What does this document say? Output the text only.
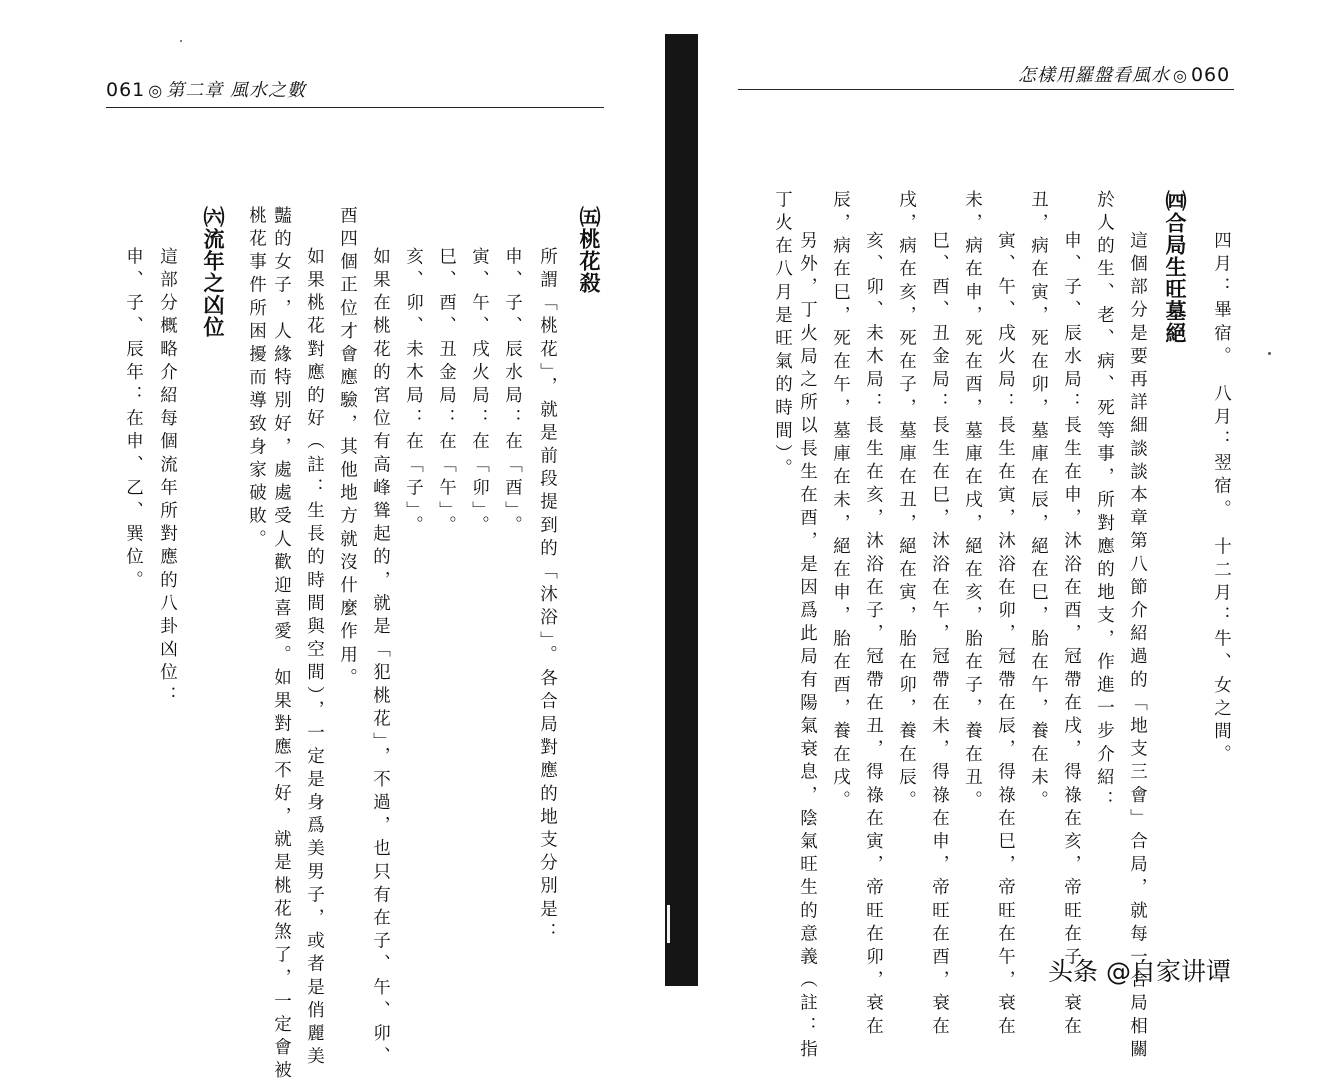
061 ◎ 第二章 風水之數
㈤桃花殺
所謂「桃花」，就是前段提到的「沐浴」。各合局對應的地支分別是：
申、子、辰水局：在「酉」。
寅、午、戌火局：在「卯」。
巳、酉、丑金局：在「午」。
亥、卯、未木局：在「子」。
如果在桃花的宮位有高峰聳起的，就是「犯桃花」，不過，也只有在子、午、卯、
酉四個正位才會應驗，其他地方就沒什麼作用。
如果桃花對應的好（註：生長的時間與空間），一定是身爲美男子，或者是俏麗美
豔的女子，人緣特別好，處處受人歡迎喜愛。如果對應不好，就是桃花煞了，一定會被
桃花事件所困擾而導致身家破敗。
㈥流年之凶位
這部分概略介紹每個流年所對應的八卦凶位：
申、子、辰年：在申、乙、巽位。
怎樣用羅盤看風水 ◎ 060
四月：畢宿。　八月：翌宿。　十二月：牛、女之間。
㈣合局生旺墓絕
這個部分是要再詳細談談本章第八節介紹過的「地支三會」合局，就每一合局相關
於人的生、老、病、死等事，所對應的地支，作進一步介紹：
申、子、辰水局：長生在申，沐浴在酉，冠帶在戌，得祿在亥，帝旺在子，衰在
丑，病在寅，死在卯，墓庫在辰，絕在巳，胎在午，養在未。
寅、午、戌火局：長生在寅，沐浴在卯，冠帶在辰，得祿在巳，帝旺在午，衰在
未，病在申，死在酉，墓庫在戌，絕在亥，胎在子，養在丑。
巳、酉、丑金局：長生在巳，沐浴在午，冠帶在未，得祿在申，帝旺在酉，衰在
戌，病在亥，死在子，墓庫在丑，絕在寅，胎在卯，養在辰。
亥、卯、未木局：長生在亥，沐浴在子，冠帶在丑，得祿在寅，帝旺在卯，衰在
辰，病在巳，死在午，墓庫在未，絕在申，胎在酉，養在戌。
另外，丁火局之所以長生在酉，是因爲此局有陽氣衰息，陰氣旺生的意義（註：指
丁火在八月是旺氣的時間）。
头条 @自家讲谭
